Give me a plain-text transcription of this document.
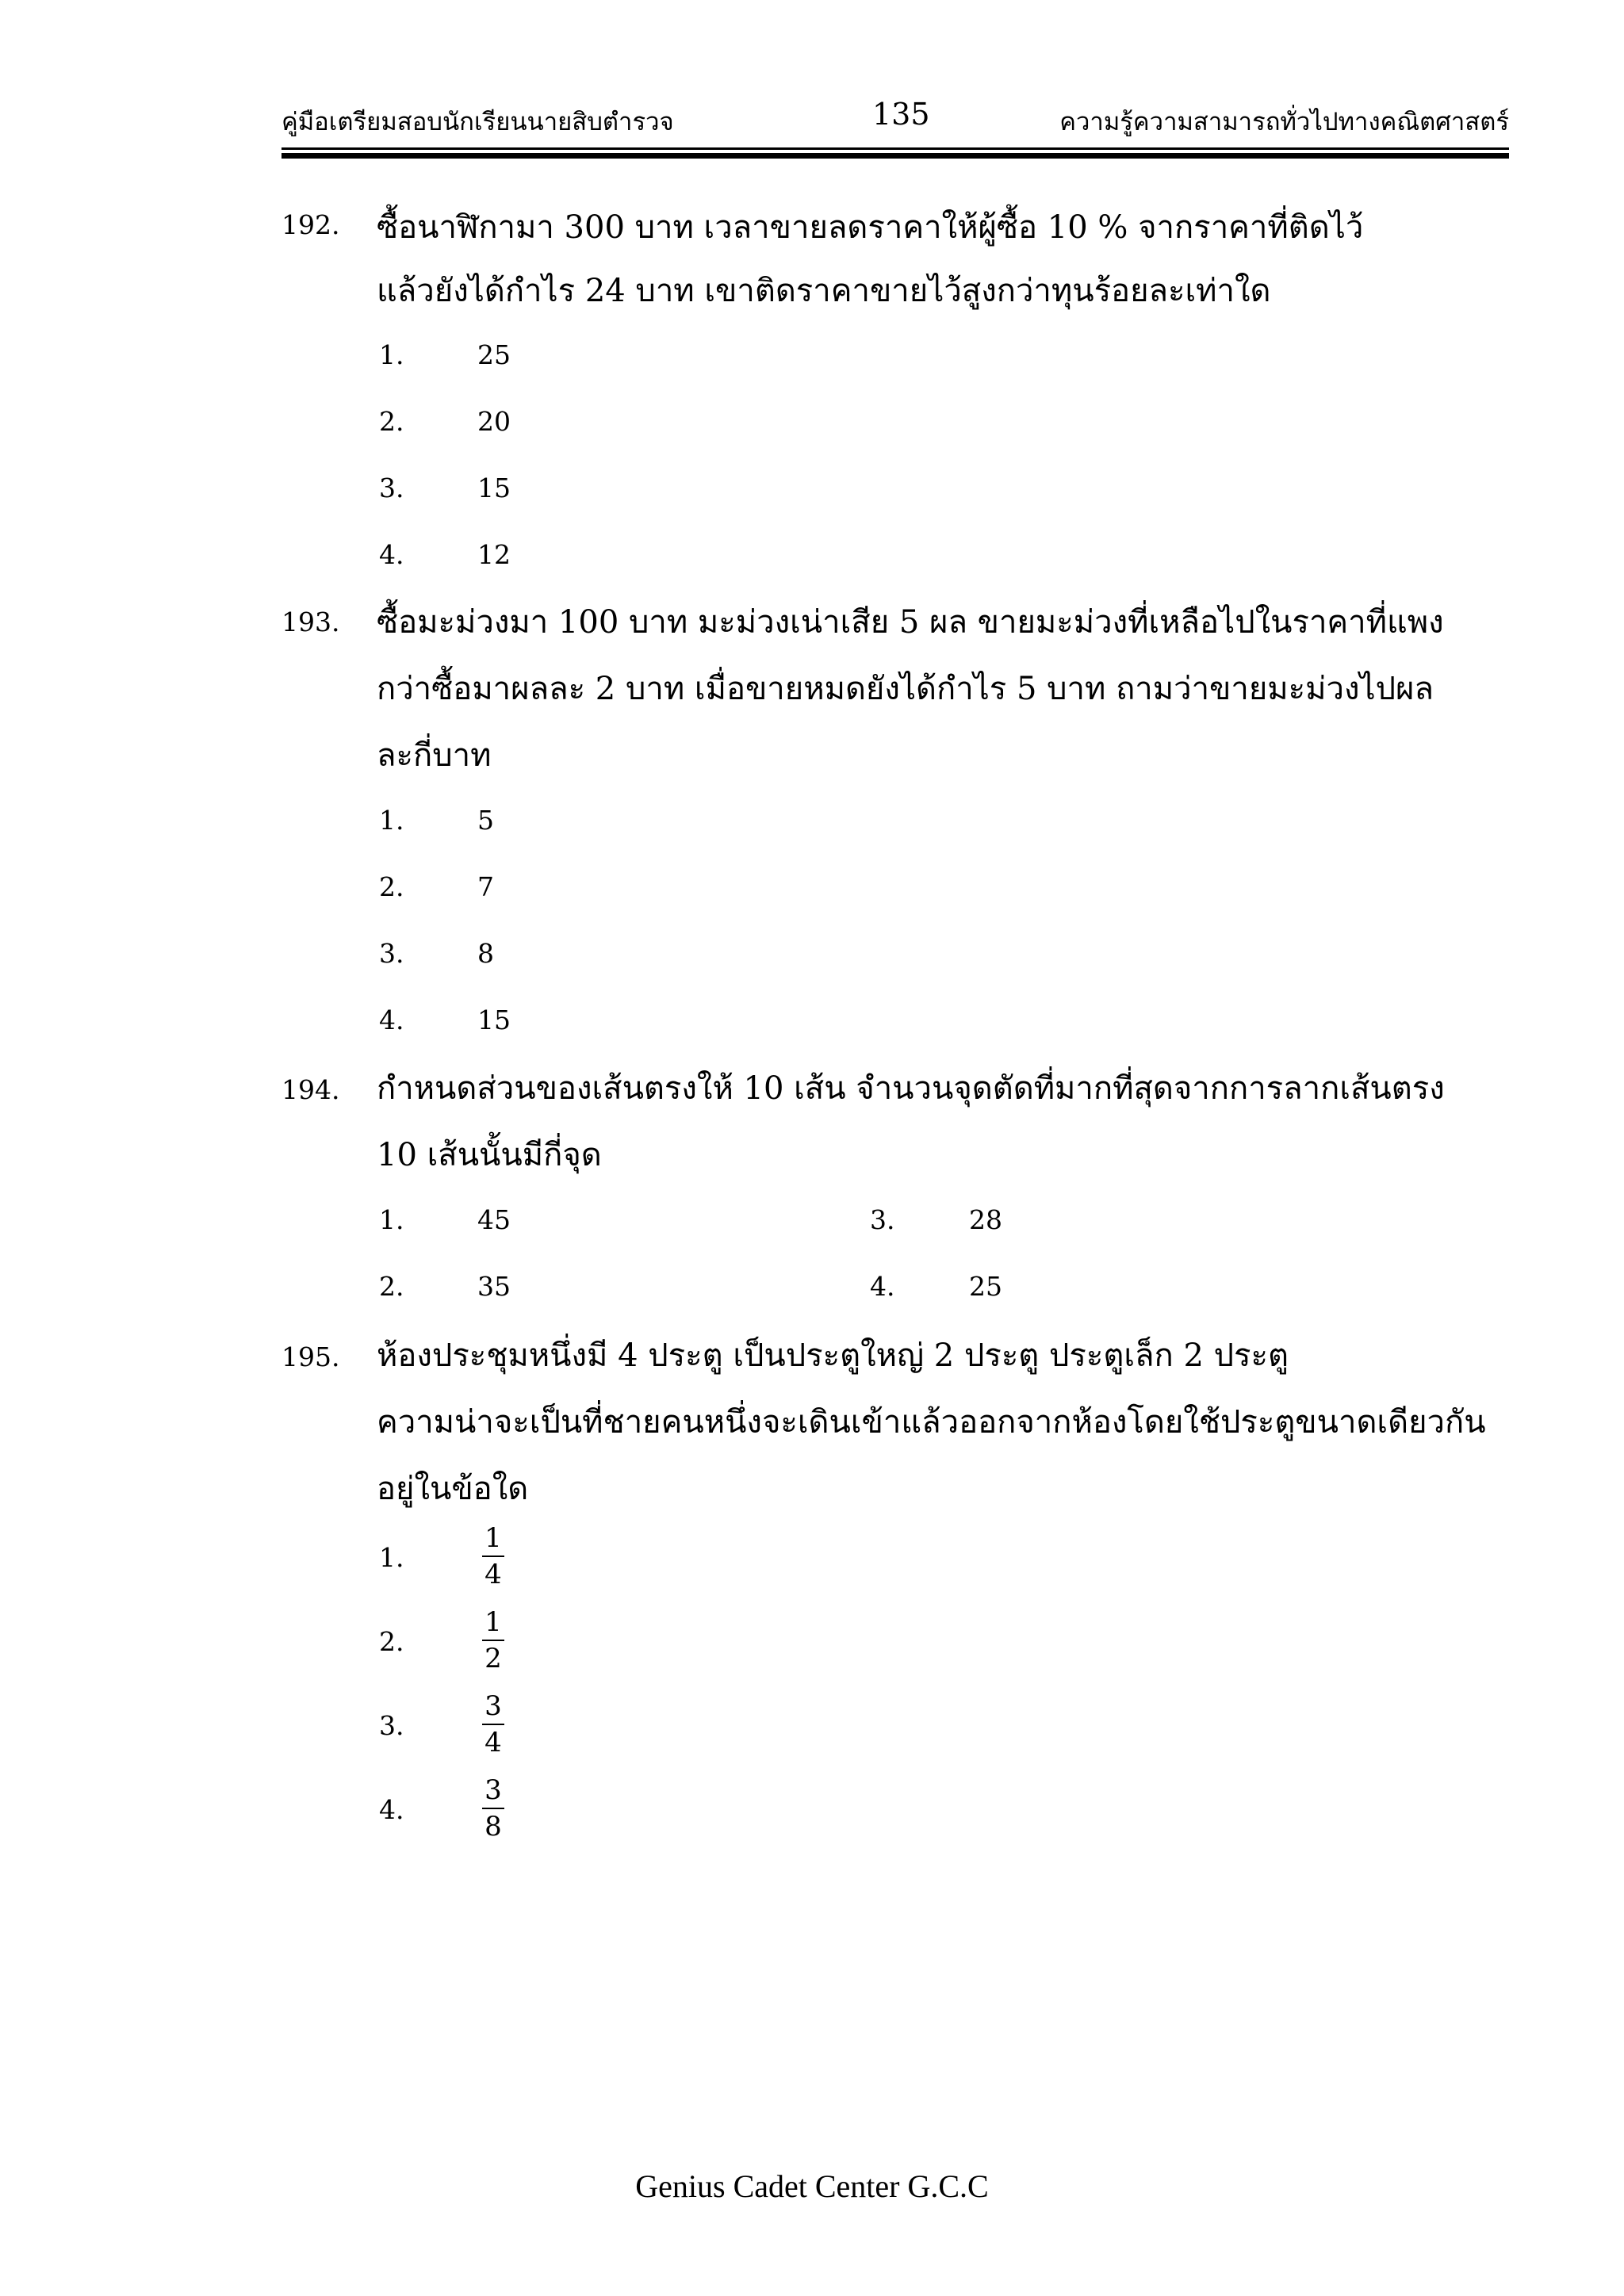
คู่มือเตรียมสอบนักเรียนนายสิบตำรวจ	135	ความรู้ความสามารถทั่วไปทางคณิตศาสตร์
192. ซื้อนาฬิกามา 300 บาท เวลาขายลดราคาให้ผู้ซื้อ 10 % จากราคาที่ติดไว้
แล้วยังได้กำไร 24 บาท เขาติดราคาขายไว้สูงกว่าทุนร้อยละเท่าใด
1.	25
2.	20
3.	15
4.	12
193. ซื้อมะม่วงมา 100 บาท มะม่วงเน่าเสีย 5 ผล ขายมะม่วงที่เหลือไปในราคาที่แพง
กว่าซื้อมาผลละ 2 บาท เมื่อขายหมดยังได้กำไร 5 บาท ถามว่าขายมะม่วงไปผล
ละกี่บาท
1.	5
2.	7
3.	8
4.	15
194. กำหนดส่วนของเส้นตรงให้ 10 เส้น จำนวนจุดตัดที่มากที่สุดจากการลากเส้นตรง
10 เส้นนั้นมีกี่จุด
1.	45
2.	35
3.	28
4.	25
195. ห้องประชุมหนึ่งมี 4 ประตู เป็นประตูใหญ่ 2 ประตู ประตูเล็ก 2 ประตู
ความน่าจะเป็นที่ชายคนหนึ่งจะเดินเข้าแล้วออกจากห้องโดยใช้ประตูขนาดเดียวกัน
อยู่ในข้อใด
1.
1
4
2.
1
2
3.
3
4
4.
3
8
Genius Cadet Center G.C.C
